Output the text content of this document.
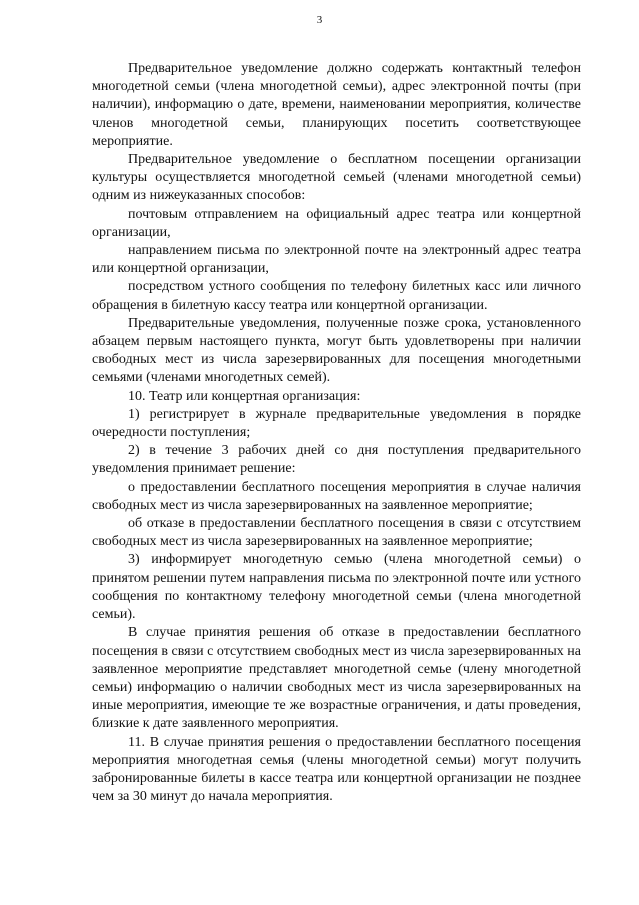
3

Предварительное уведомление должно содержать контактный телефон многодетной семьи (члена многодетной семьи), адрес электронной почты (при наличии), информацию о дате, времени, наименовании мероприятия, количестве членов многодетной семьи, планирующих посетить соответствующее мероприятие.

Предварительное уведомление о бесплатном посещении организации культуры осуществляется многодетной семьей (членами многодетной семьи) одним из нижеуказанных способов:

почтовым отправлением на официальный адрес театра или концертной организации,

направлением письма по электронной почте на электронный адрес театра или концертной организации,

посредством устного сообщения по телефону билетных касс или личного обращения в билетную кассу театра или концертной организации.

Предварительные уведомления, полученные позже срока, установленного абзацем первым настоящего пункта, могут быть удовлетворены при наличии свободных мест из числа зарезервированных для посещения многодетными семьями (членами многодетных семей).

10. Театр или концертная организация:

1) регистрирует в журнале предварительные уведомления в порядке очередности поступления;

2) в течение 3 рабочих дней со дня поступления предварительного уведомления принимает решение:

о предоставлении бесплатного посещения мероприятия в случае наличия свободных мест из числа зарезервированных на заявленное мероприятие;

об отказе в предоставлении бесплатного посещения в связи с отсутствием свободных мест из числа зарезервированных на заявленное мероприятие;

3) информирует многодетную семью (члена многодетной семьи) о принятом решении путем направления письма по электронной почте или устного сообщения по контактному телефону многодетной семьи (члена многодетной семьи).

В случае принятия решения об отказе в предоставлении бесплатного посещения в связи с отсутствием свободных мест из числа зарезервированных на заявленное мероприятие представляет многодетной семье (члену многодетной семьи) информацию о наличии свободных мест из числа зарезервированных на иные мероприятия, имеющие те же возрастные ограничения, и даты проведения, близкие к дате заявленного мероприятия.

11. В случае принятия решения о предоставлении бесплатного посещения мероприятия многодетная семья (члены многодетной семьи) могут получить забронированные билеты в кассе театра или концертной организации не позднее чем за 30 минут до начала мероприятия.
